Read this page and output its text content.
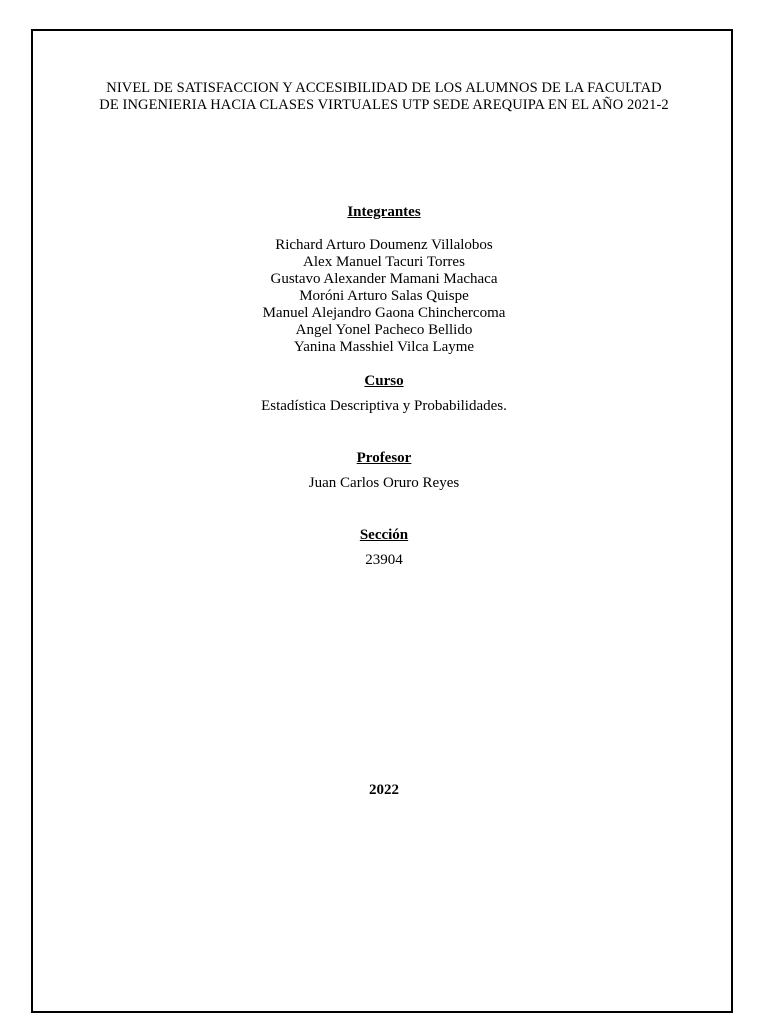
NIVEL DE SATISFACCION Y ACCESIBILIDAD DE LOS ALUMNOS DE LA FACULTAD
DE INGENIERIA HACIA CLASES VIRTUALES UTP SEDE AREQUIPA EN EL AÑO 2021-2
Integrantes
Richard Arturo Doumenz Villalobos
Alex Manuel Tacuri Torres
Gustavo Alexander Mamani Machaca
Moróni Arturo Salas Quispe
Manuel Alejandro Gaona Chinchercoma
Angel Yonel Pacheco Bellido
Yanina Masshiel Vilca Layme
Curso
Estadística Descriptiva y Probabilidades.
Profesor
Juan Carlos Oruro Reyes
Sección
23904
2022
